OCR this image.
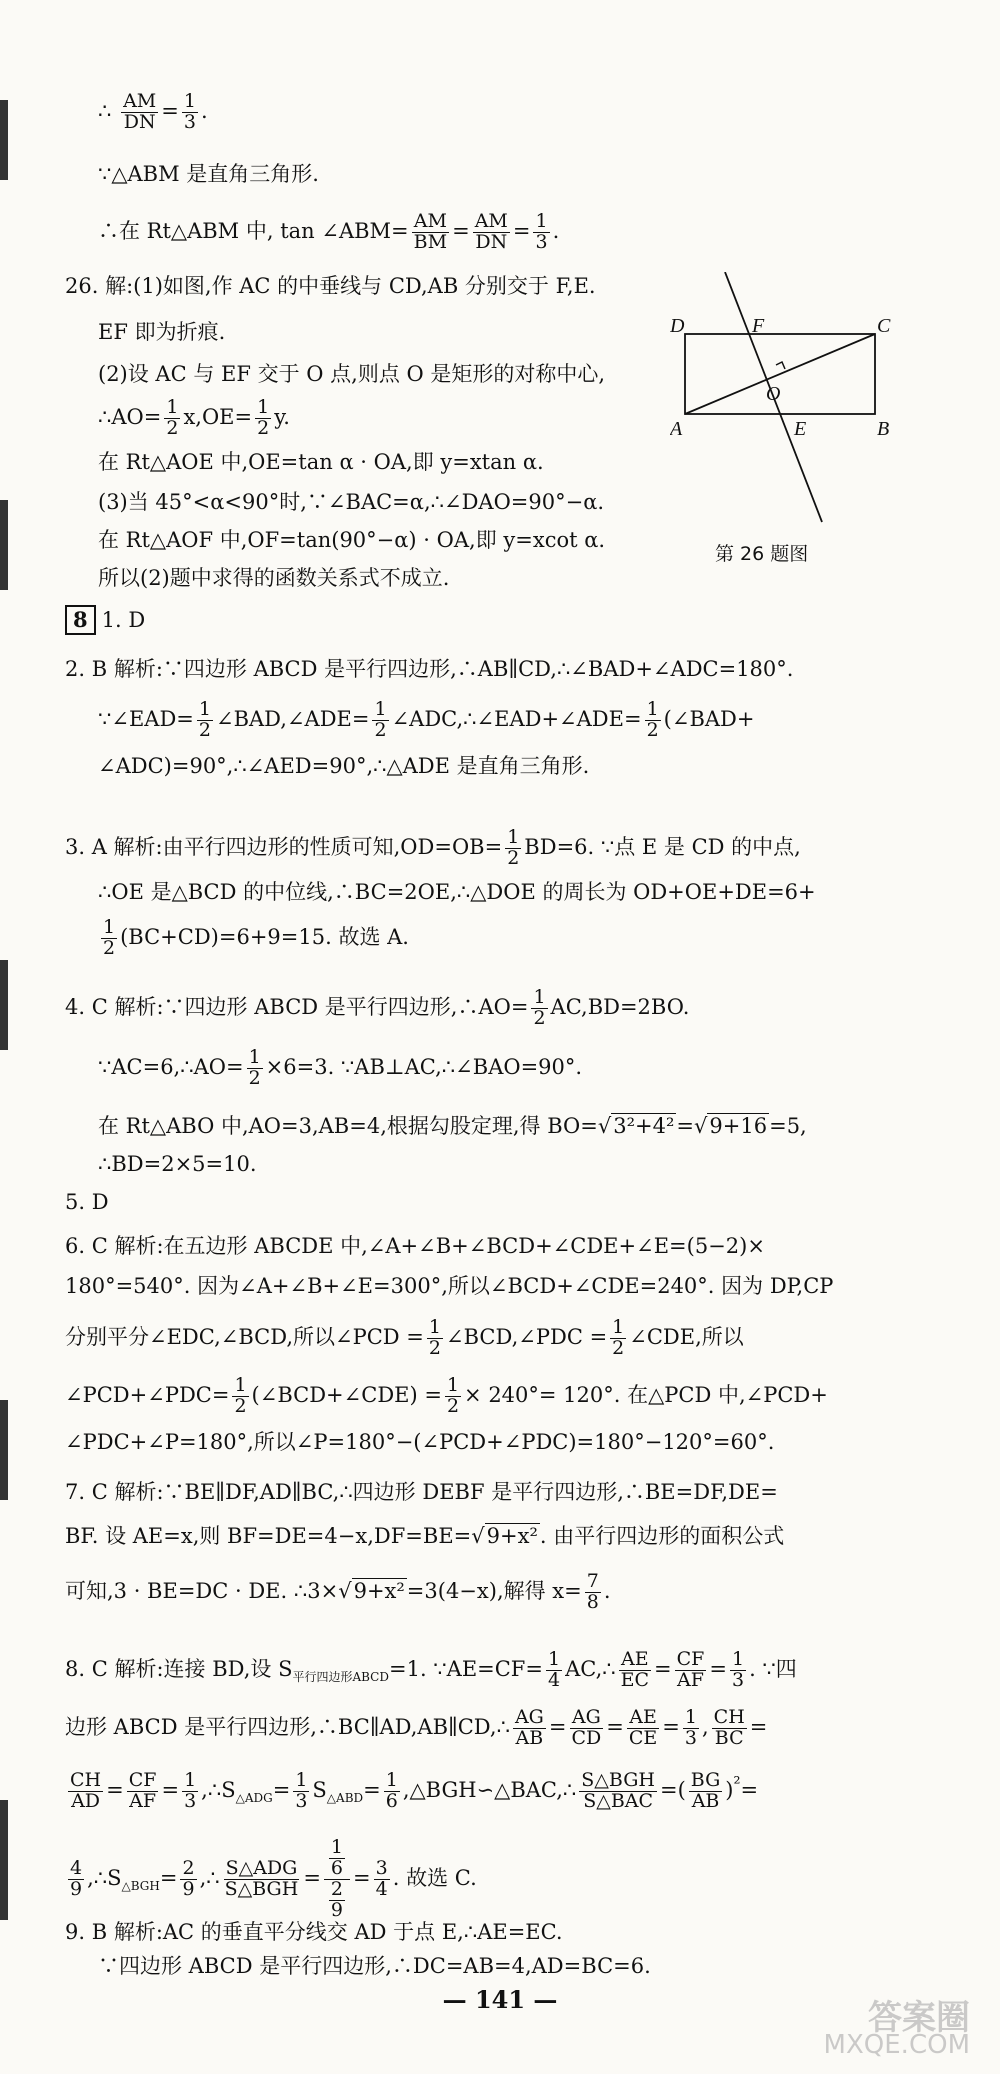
∴ $\frac{AM}{DN} = \frac{1}{3}$ .
∵△ABM 是直角三角形.
∴在 Rt△ABM 中, tan ∠ABM= $\frac{AM}{BM} = \frac{AM}{DN} = \frac{1}{3}$ .
26. 解:(1)如图,作 AC 的中垂线与 CD,AB 分别交于 F,E.
EF 即为折痕.
(2)设 AC 与 EF 交于 O 点,则点 O 是矩形的对称中心,
∴AO= $\frac{1}{2} x,OE= \frac{1}{2} y$.
在 Rt△AOE 中,OE=tan α · OA,即 y=xtan α.
(3)当 45°<α<90°时,∵∠BAC=α,∴∠DAO=90°−α.
在 Rt△AOF 中,OF=tan(90°−α) · OA,即 y=xcot α.
所以(2)题中求得的函数关系式不成立.
D	F	C
O
A	E	B
第 26 题图
8 1. D
2. B 解析:∵四边形 ABCD 是平行四边形,∴AB∥CD,∴∠BAD+∠ADC=180°.
∵∠EAD= $\frac{1}{2}$ ∠BAD,∠ADE= $\frac{1}{2}$ ∠ADC,∴∠EAD+∠ADE= $\frac{1}{2}$ (∠BAD+
∠ADC)=90°,∴∠AED=90°,∴△ADE 是直角三角形.
3. A 解析:由平行四边形的性质可知$,OD=OB= \frac{1}{2} BD=6$. ∵点 E 是 CD 的中点,
∴OE 是△BCD 的中位线,∴BC=2OE,∴△DOE 的周长为 OD+OE+DE=6+
$\frac{1}{2} (BC+CD)=6+9=15$. 故选 A.
4. C 解析:∵四边形 ABCD 是平行四边形,∴AO= $\frac{1}{2} AC,BD=2BO$.
∵AC=6,∴AO= $\frac{1}{2} \times 6=3$. ∵AB⊥AC,∴∠BAO=90°.
在 Rt△ABO 中,AO=3,AB=4,根据勾股定理,得 BO=√3²+4²=√9+16=5,
∴BD=2×5=10.
5. D
6. C 解析:在五边形 ABCDE 中,∠A+∠B+∠BCD+∠CDE+∠E=(5−2)×
180°=540°. 因为∠A+∠B+∠E=300°,所以∠BCD+∠CDE=240°. 因为 DP,CP
分别平分∠EDC,∠BCD,所以∠PCD = $\frac{1}{2}$ ∠BCD,∠PDC = $\frac{1}{2}$ ∠CDE,所以
∠PCD+∠PDC= $\frac{1}{2}$ (∠BCD+∠CDE) = $\frac{1}{2} \times 240^\circ= 120^\circ$. 在△PCD 中,∠PCD+
∠PDC+∠P=180°,所以∠P=180°−(∠PCD+∠PDC)=180°−120°=60°.
7. C 解析:∵BE∥DF,AD∥BC,∴四边形 DEBF 是平行四边形,∴BE=DF,DE=
BF. 设 AE=x,则 BF=DE=4−x,DF=BE=√9+x². 由平行四边形的面积公式
可知,3 · BE=DC · DE. ∴3×√9+x²=3(4−x),解得 $x= \frac{7}{8}$ .
8. C 解析:连接 BD,设 $S_{平行四边形ABCD}=1$. ∵AE=CF= $\frac{1}{4}$ AC,∴ $\frac{AE}{EC} = \frac{CF}{AF} = \frac{1}{3}$ . ∵四
边形 ABCD 是平行四边形,∴BC∥AD,AB∥CD,∴ $\frac{AG}{AB} = \frac{AG}{CD} = \frac{AE}{CE} = \frac{1}{3}$ , $\frac{CH}{BC}$ =
$\frac{CH}{AD} = \frac{CF}{AF} = \frac{1}{3}$ $,\therefore S_{\triangle ADG}= \frac{1}{3} S_{\triangle ABD}= \frac{1}{6}$ ,△BGH∽△BAC,∴ $\frac{\text{S△BGH}}{\text{S△BAC}}$ =( $\frac{BG}{AB} )^{^2}=$
$\frac{4}{9}$ $,\therefore S_{\triangle BGH}= \frac{2}{9}$ ,∴ $\frac{\text{S△ADG}}{\text{S△BGH}} = \frac{\frac{1}{6}}{\frac{2}{9}} = \frac{3}{4}$ . 故选 C.
9. B 解析:AC 的垂直平分线交 AD 于点 E,∴AE=EC.
∵四边形 ABCD 是平行四边形,∴DC=AB=4,AD=BC=6.
— 141 —	答案圈
MXQE.COM
